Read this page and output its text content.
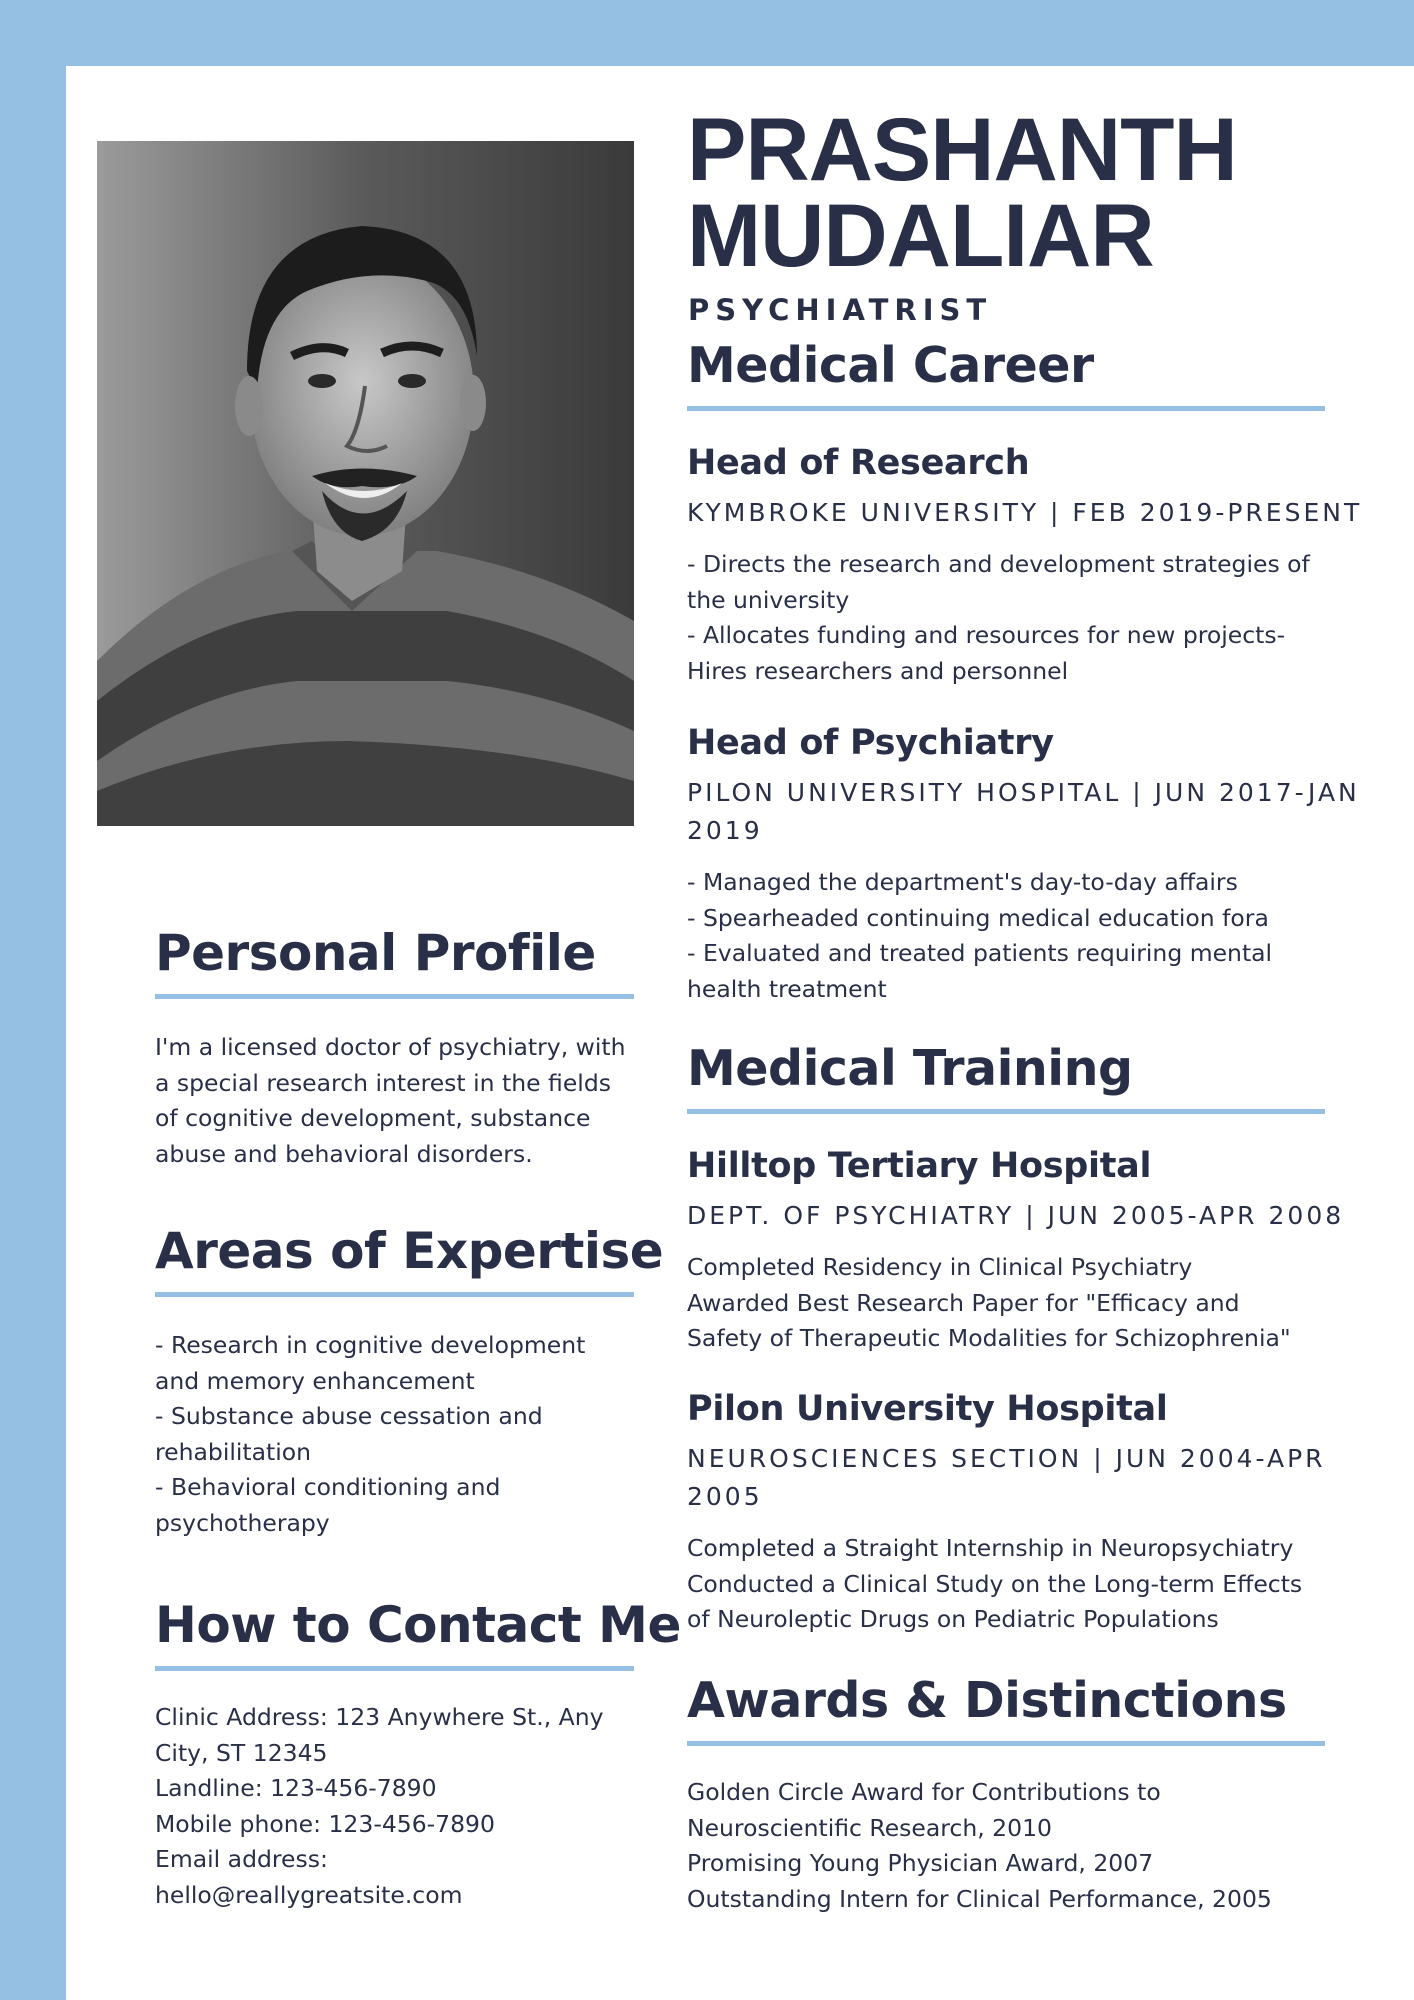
PRASHANTH
MUDALIAR
PSYCHIATRIST
Personal Profile
I'm a licensed doctor of psychiatry, with
a special research interest in the fields
of cognitive development, substance
abuse and behavioral disorders.
Areas of Expertise
- Research in cognitive development
and memory enhancement
- Substance abuse cessation and
rehabilitation
- Behavioral conditioning and
psychotherapy
How to Contact Me
Clinic Address: 123 Anywhere St., Any
City, ST 12345
Landline: 123-456-7890
Mobile phone: 123-456-7890
Email address:
hello@reallygreatsite.com
Medical Career
Head of Research
KYMBROKE UNIVERSITY | FEB 2019-PRESENT
- Directs the research and development strategies of
the university
- Allocates funding and resources for new projects-
Hires researchers and personnel
Head of Psychiatry
PILON UNIVERSITY HOSPITAL | JUN 2017-JAN
2019
- Managed the department's day-to-day affairs
- Spearheaded continuing medical education fora
- Evaluated and treated patients requiring mental
health treatment
Medical Training
Hilltop Tertiary Hospital
DEPT. OF PSYCHIATRY | JUN 2005-APR 2008
Completed Residency in Clinical Psychiatry
Awarded Best Research Paper for "Efficacy and
Safety of Therapeutic Modalities for Schizophrenia"
Pilon University Hospital
NEUROSCIENCES SECTION | JUN 2004-APR
2005
Completed a Straight Internship in Neuropsychiatry
Conducted a Clinical Study on the Long-term Effects
of Neuroleptic Drugs on Pediatric Populations
Awards & Distinctions
Golden Circle Award for Contributions to
Neuroscientific Research, 2010
Promising Young Physician Award, 2007
Outstanding Intern for Clinical Performance, 2005
